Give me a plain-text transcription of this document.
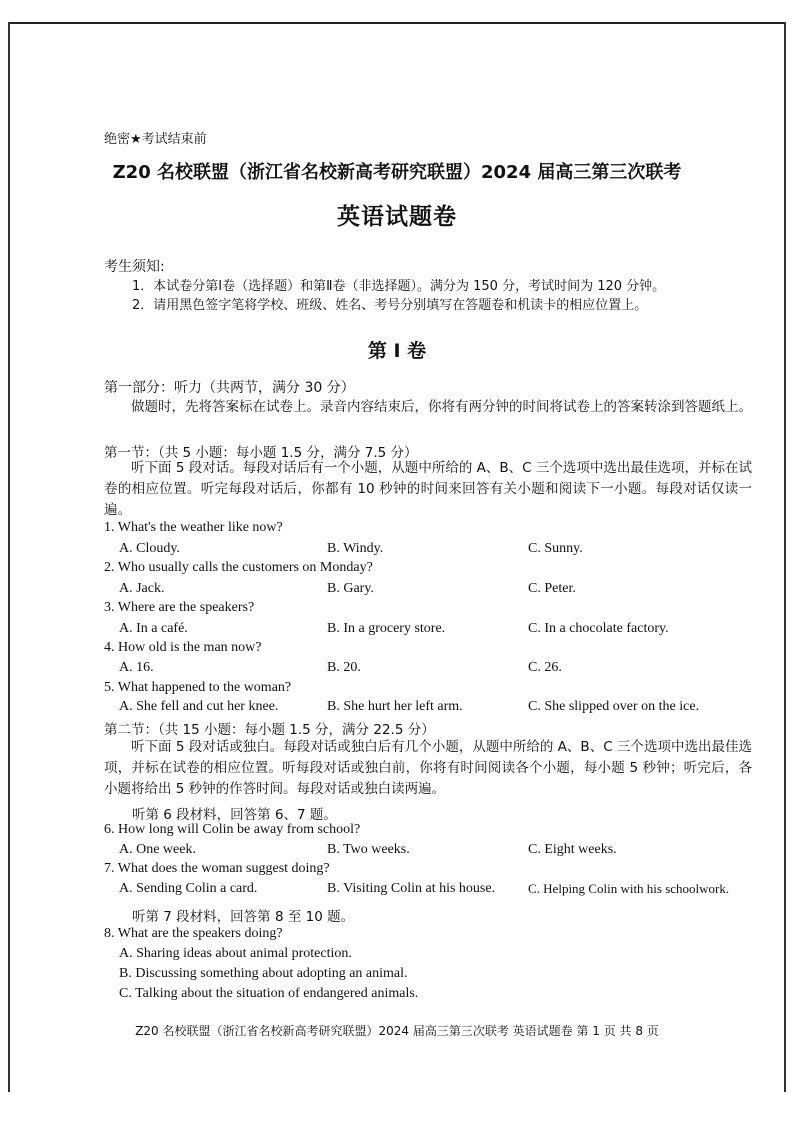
绝密★考试结束前
Z20 名校联盟（浙江省名校新高考研究联盟）2024 届高三第三次联考
英语试题卷
考生须知:
1．本试卷分第Ⅰ卷（选择题）和第Ⅱ卷（非选择题）。满分为 150 分，考试时间为 120 分钟。
2．请用黑色签字笔将学校、班级、姓名、考号分别填写在答题卷和机读卡的相应位置上。
第 I 卷
第一部分：听力（共两节，满分 30 分）
做题时，先将答案标在试卷上。录音内容结束后，你将有两分钟的时间将试卷上的答案转涂到答题纸上。
第一节：（共 5 小题：每小题 1.5 分，满分 7.5 分）
听下面 5 段对话。每段对话后有一个小题，从题中所给的 A、B、C 三个选项中选出最佳选项，并标在试卷的相应位置。听完每段对话后，你都有 10 秒钟的时间来回答有关小题和阅读下一小题。每段对话仅读一遍。
1. What's the weather like now?
A. Cloudy.	B. Windy.	C. Sunny.
2. Who usually calls the customers on Monday?
A. Jack.	B. Gary.	C. Peter.
3. Where are the speakers?
A. In a café.	B. In a grocery store.	C. In a chocolate factory.
4. How old is the man now?
A. 16.	B. 20.	C. 26.
5. What happened to the woman?
A. She fell and cut her knee.	B. She hurt her left arm.	C. She slipped over on the ice.
第二节：（共 15 小题：每小题 1.5 分，满分 22.5 分）
听下面 5 段对话或独白。每段对话或独白后有几个小题，从题中所给的 A、B、C 三个选项中选出最佳选项，并标在试卷的相应位置。听每段对话或独白前，你将有时间阅读各个小题，每小题 5 秒钟；听完后，各小题将给出 5 秒钟的作答时间。每段对话或独白读两遍。
听第 6 段材料，回答第 6、7 题。
6. How long will Colin be away from school?
A. One week.	B. Two weeks.	C. Eight weeks.
7. What does the woman suggest doing?
A. Sending Colin a card.	B. Visiting Colin at his house.	C. Helping Colin with his schoolwork.
听第 7 段材料，回答第 8 至 10 题。
8. What are the speakers doing?
A. Sharing ideas about animal protection.
B. Discussing something about adopting an animal.
C. Talking about the situation of endangered animals.
Z20 名校联盟（浙江省名校新高考研究联盟）2024 届高三第三次联考 英语试题卷 第 1 页 共 8 页
